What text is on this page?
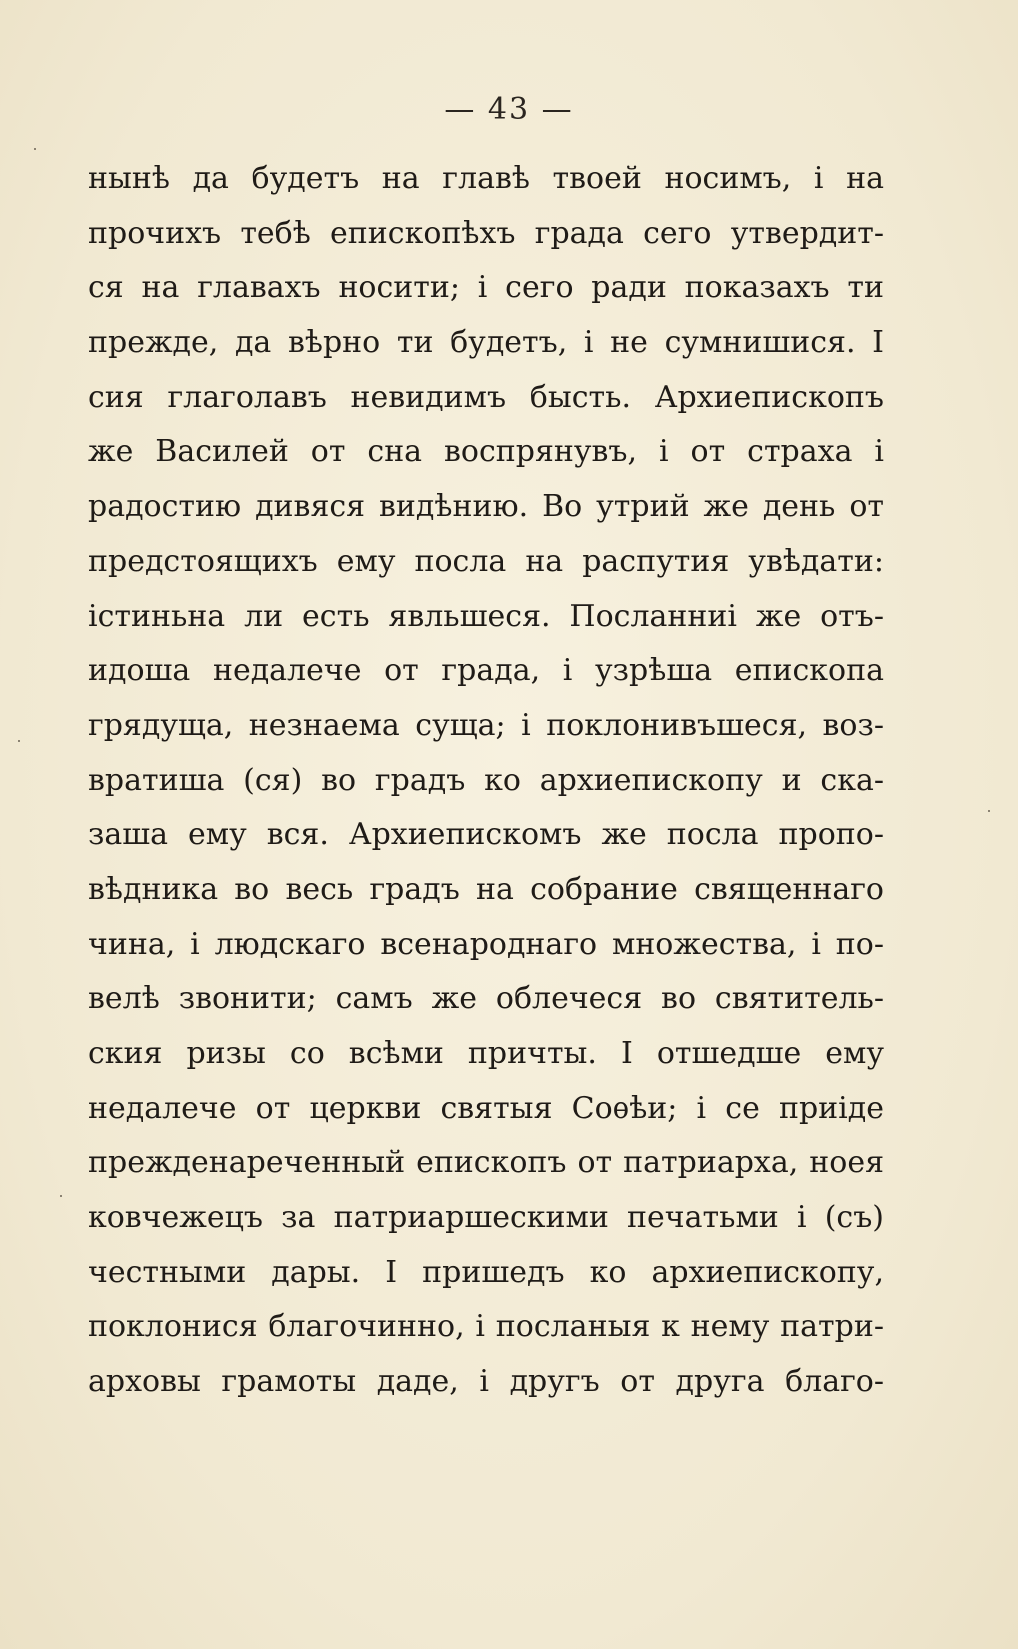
— 43 —
нынѣ да будетъ на главѣ твоей носимъ, і на
прочихъ тебѣ епископѣхъ града сего утвердит-
ся на главахъ носити; і сего ради показахъ ти
прежде, да вѣрно ти будетъ, і не сумнишися. І
сия глаголавъ невидимъ бысть. Архиепископъ
же Василей от сна воспрянувъ, і от страха і
радостию дивяся видѣнию. Во утрий же день от
предстоящихъ ему посла на распутия увѣдати:
істиньна ли есть явльшеся. Посланниі же отъ-
идоша недалече от града, і узрѣша епископа
грядуща, незнаема суща; і поклонивъшеся, воз-
вратиша (ся) во градъ ко архиепископу и ска-
заша ему вся. Архиепискомъ же посла пропо-
вѣдника во весь градъ на собрание священнаго
чина, і людскаго всенароднаго множества, і по-
велѣ звонити; самъ же облечеся во святитель-
ския ризы со всѣми причты. І отшедше ему
недалече от церкви святыя Соѳѣи; і се приіде
прежденареченный епископъ от патриарха, ноея
ковчежецъ за патриаршескими печатьми і (съ)
честными дары. І пришедъ ко архиепископу,
поклонися благочинно, і посланыя к нему патри-
арховы грамоты даде, і другъ от друга благо-
